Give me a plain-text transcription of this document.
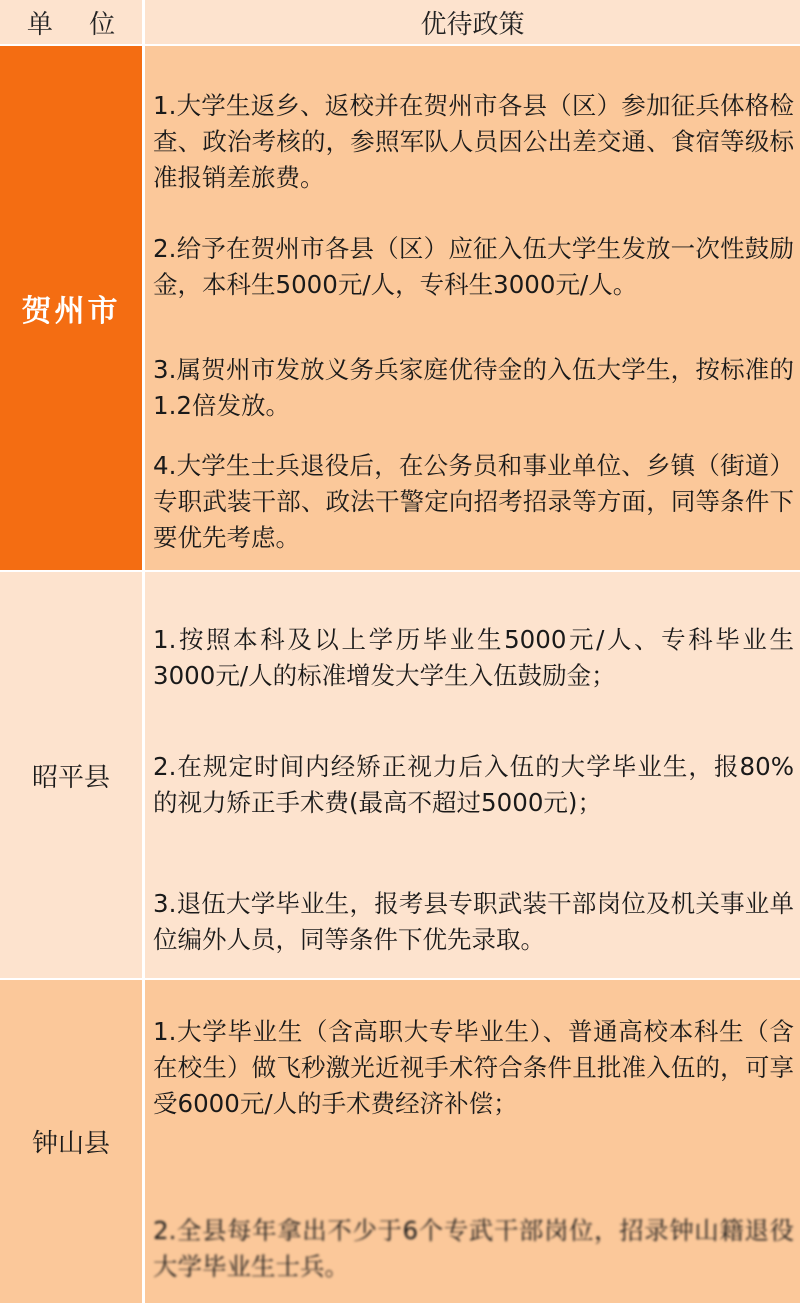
单 位	优待政策
贺州市
1.大学生返乡、返校并在贺州市各县（区）参加征兵体格检查、政治考核的，参照军队人员因公出差交通、食宿等级标准报销差旅费。
2.给予在贺州市各县（区）应征入伍大学生发放一次性鼓励金，本科生5000元/人，专科生3000元/人。
3.属贺州市发放义务兵家庭优待金的入伍大学生，按标准的1.2倍发放。
4.大学生士兵退役后，在公务员和事业单位、乡镇（街道）专职武装干部、政法干警定向招考招录等方面，同等条件下要优先考虑。
昭平县
1.按照本科及以上学历毕业生5000元/人、专科毕业生3000元/人的标准增发大学生入伍鼓励金；
2.在规定时间内经矫正视力后入伍的大学毕业生，报80%的视力矫正手术费(最高不超过5000元)；
3.退伍大学毕业生，报考县专职武装干部岗位及机关事业单位编外人员，同等条件下优先录取。
钟山县
1.大学毕业生（含高职大专毕业生）、普通高校本科生（含在校生）做飞秒激光近视手术符合条件且批准入伍的，可享受6000元/人的手术费经济补偿；
2.全县每年拿出不少于6个专武干部岗位，招录钟山籍退役大学毕业生士兵。
